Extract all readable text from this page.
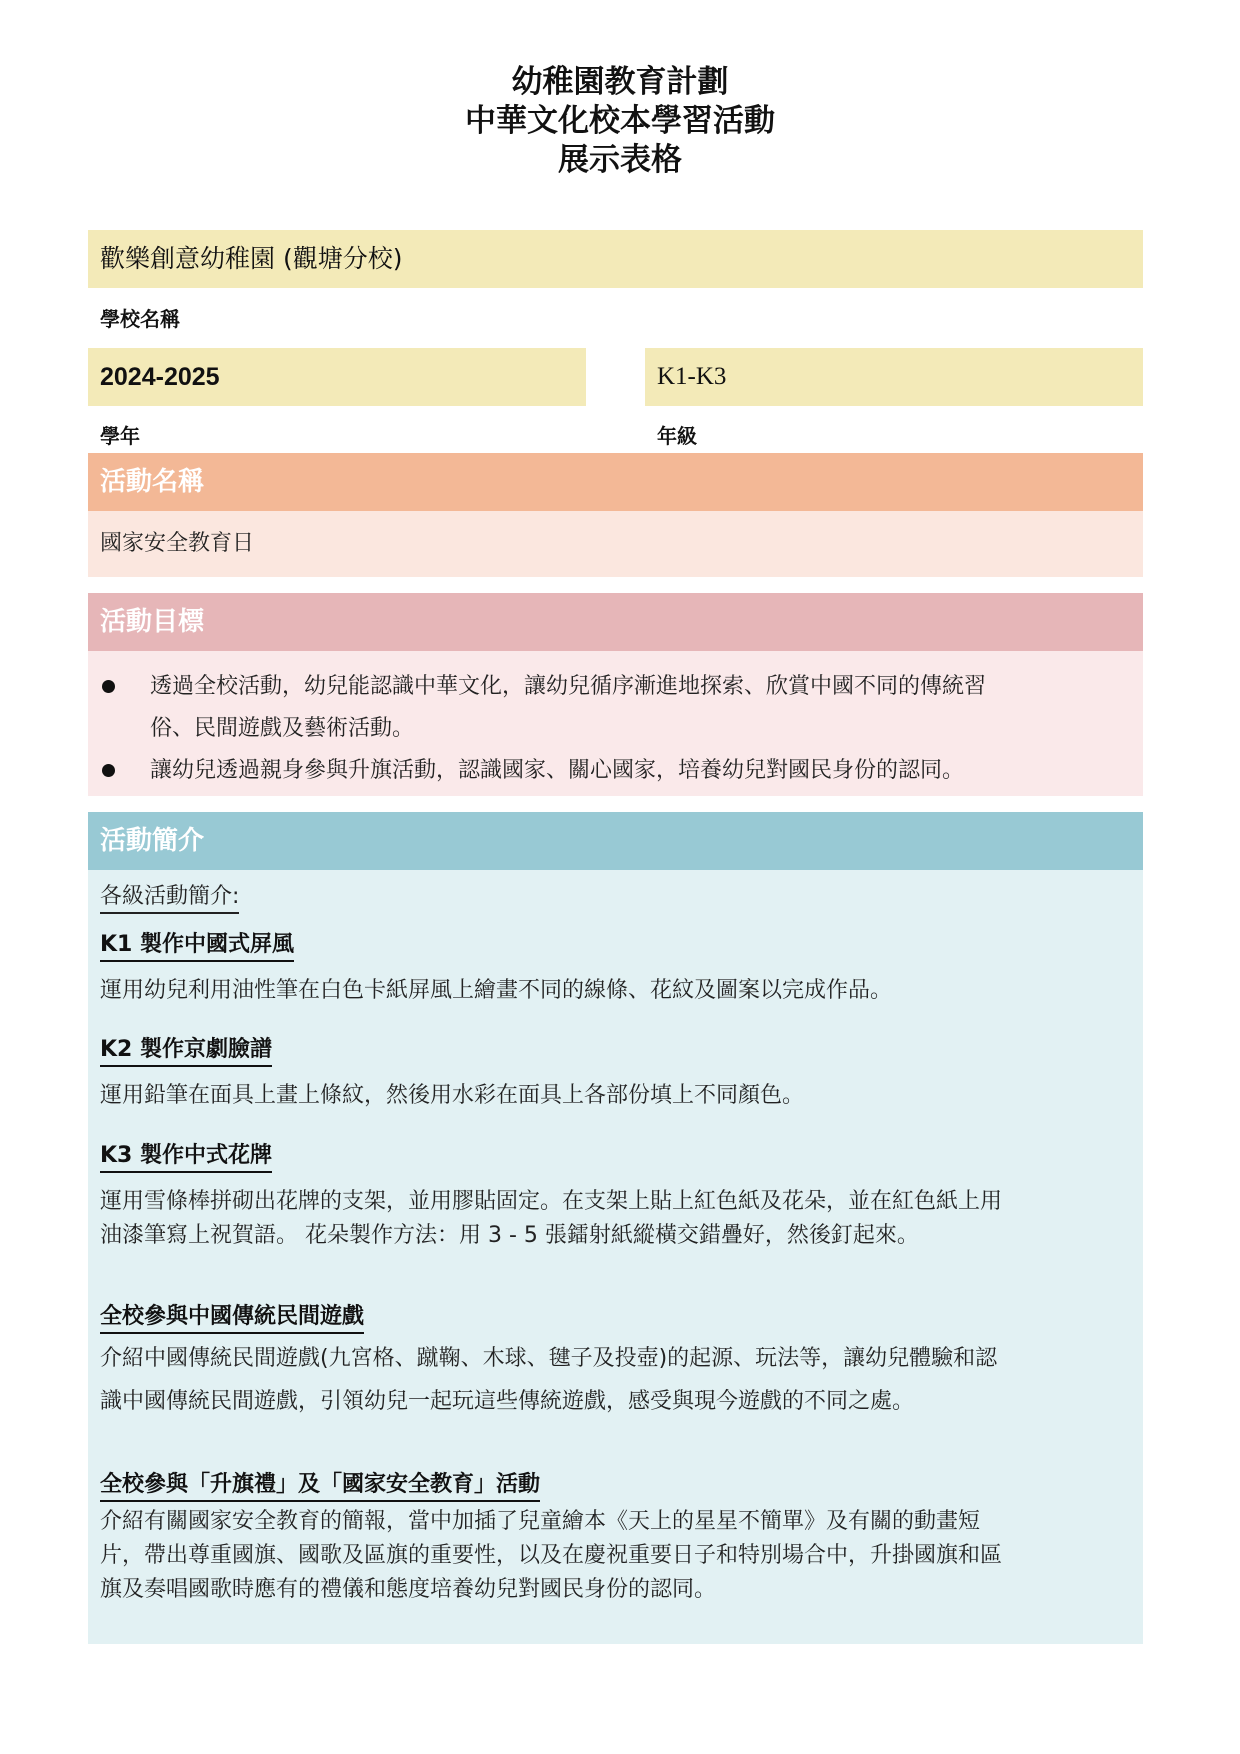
幼稚園教育計劃
中華文化校本學習活動
展示表格
歡樂創意幼稚園 (觀塘分校)
學校名稱
2024-2025	K1-K3
學年	年級
活動名稱
國家安全教育日
活動目標
透過全校活動，幼兒能認識中華文化，讓幼兒循序漸進地探索、欣賞中國不同的傳統習
俗、民間遊戲及藝術活動。
讓幼兒透過親身參與升旗活動，認識國家、關心國家，培養幼兒對國民身份的認同。
活動簡介
各級活動簡介:
K1 製作中國式屏風
運用幼兒利用油性筆在白色卡紙屏風上繪畫不同的線條、花紋及圖案以完成作品。
K2 製作京劇臉譜
運用鉛筆在面具上畫上條紋，然後用水彩在面具上各部份填上不同顏色。
K3 製作中式花牌
運用雪條棒拼砌出花牌的支架，並用膠貼固定。在支架上貼上紅色紙及花朵，並在紅色紙上用
油漆筆寫上祝賀語。 花朵製作方法：用 3 - 5 張鐳射紙縱橫交錯疊好，然後釘起來。
全校參與中國傳統民間遊戲
介紹中國傳統民間遊戲(九宮格、蹴鞠、木球、毽子及投壺)的起源、玩法等，讓幼兒體驗和認
識中國傳統民間遊戲，引領幼兒一起玩這些傳統遊戲，感受與現今遊戲的不同之處。
全校參與「升旗禮」及「國家安全教育」活動
介紹有關國家安全教育的簡報，當中加插了兒童繪本《天上的星星不簡單》及有關的動畫短
片，帶出尊重國旗、國歌及區旗的重要性，以及在慶祝重要日子和特別場合中，升掛國旗和區
旗及奏唱國歌時應有的禮儀和態度培養幼兒對國民身份的認同。
